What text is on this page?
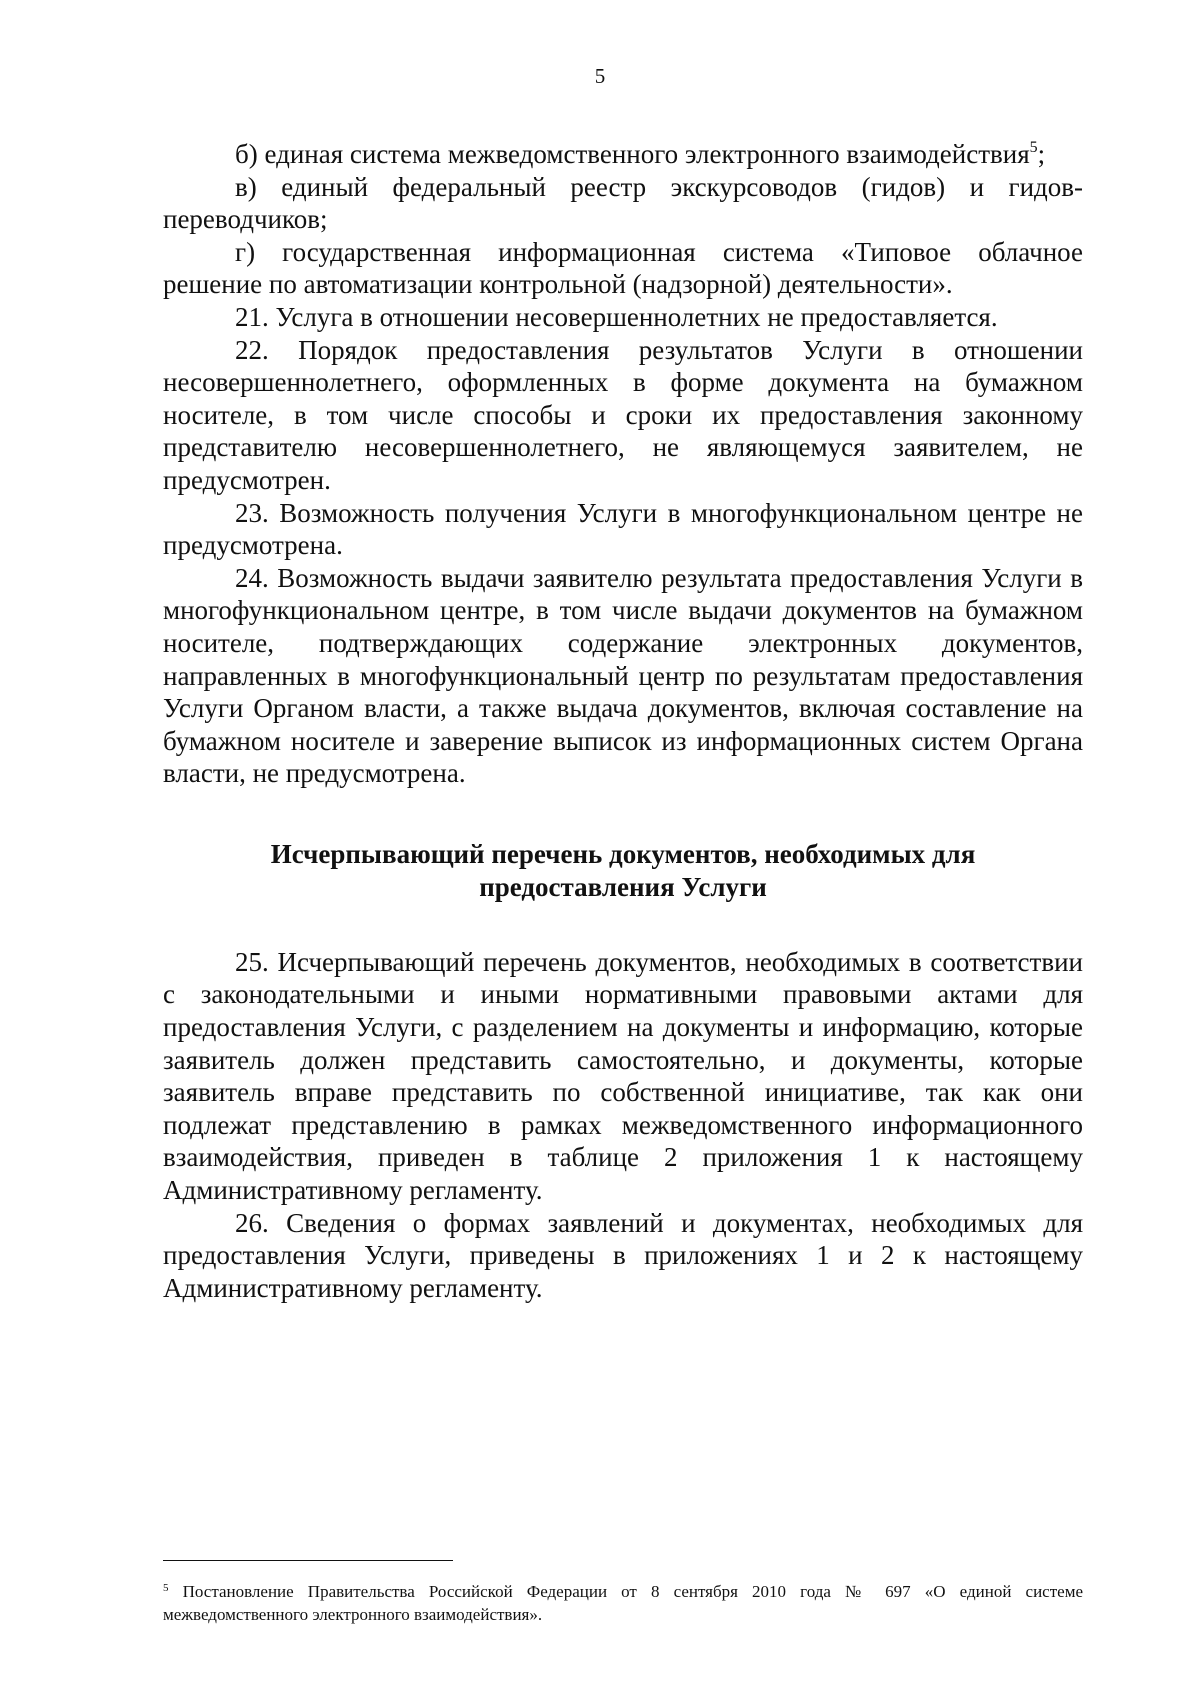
5

б) единая система межведомственного электронного взаимодействия$^5$;

в) единый федеральный реестр экскурсоводов (гидов) и гидов-переводчиков;

г) государственная информационная система «Типовое облачное решение по автоматизации контрольной (надзорной) деятельности».

21. Услуга в отношении несовершеннолетних не предоставляется.

22. Порядок предоставления результатов Услуги в отношении несовершеннолетнего, оформленных в форме документа на бумажном носителе, в том числе способы и сроки их предоставления законному представителю несовершеннолетнего, не являющемуся заявителем, не предусмотрен.

23. Возможность получения Услуги в многофункциональном центре не предусмотрена.

24. Возможность выдачи заявителю результата предоставления Услуги в многофункциональном центре, в том числе выдачи документов на бумажном носителе, подтверждающих содержание электронных документов, направленных в многофункциональный центр по результатам предоставления Услуги Органом власти, а также выдача документов, включая составление на бумажном носителе и заверение выписок из информационных систем Органа власти, не предусмотрена.

Исчерпывающий перечень документов, необходимых для
предоставления Услуги

25. Исчерпывающий перечень документов, необходимых в соответствии с законодательными и иными нормативными правовыми актами для предоставления Услуги, с разделением на документы и информацию, которые заявитель должен представить самостоятельно, и документы, которые заявитель вправе представить по собственной инициативе, так как они подлежат представлению в рамках межведомственного информационного взаимодействия, приведен в таблице 2 приложения 1 к настоящему Административному регламенту.

26. Сведения о формах заявлений и документах, необходимых для предоставления Услуги, приведены в приложениях 1 и 2 к настоящему Административному регламенту.

$^5$ Постановление Правительства Российской Федерации от 8 сентября 2010 года № 697 «О единой системе межведомственного электронного взаимодействия».
